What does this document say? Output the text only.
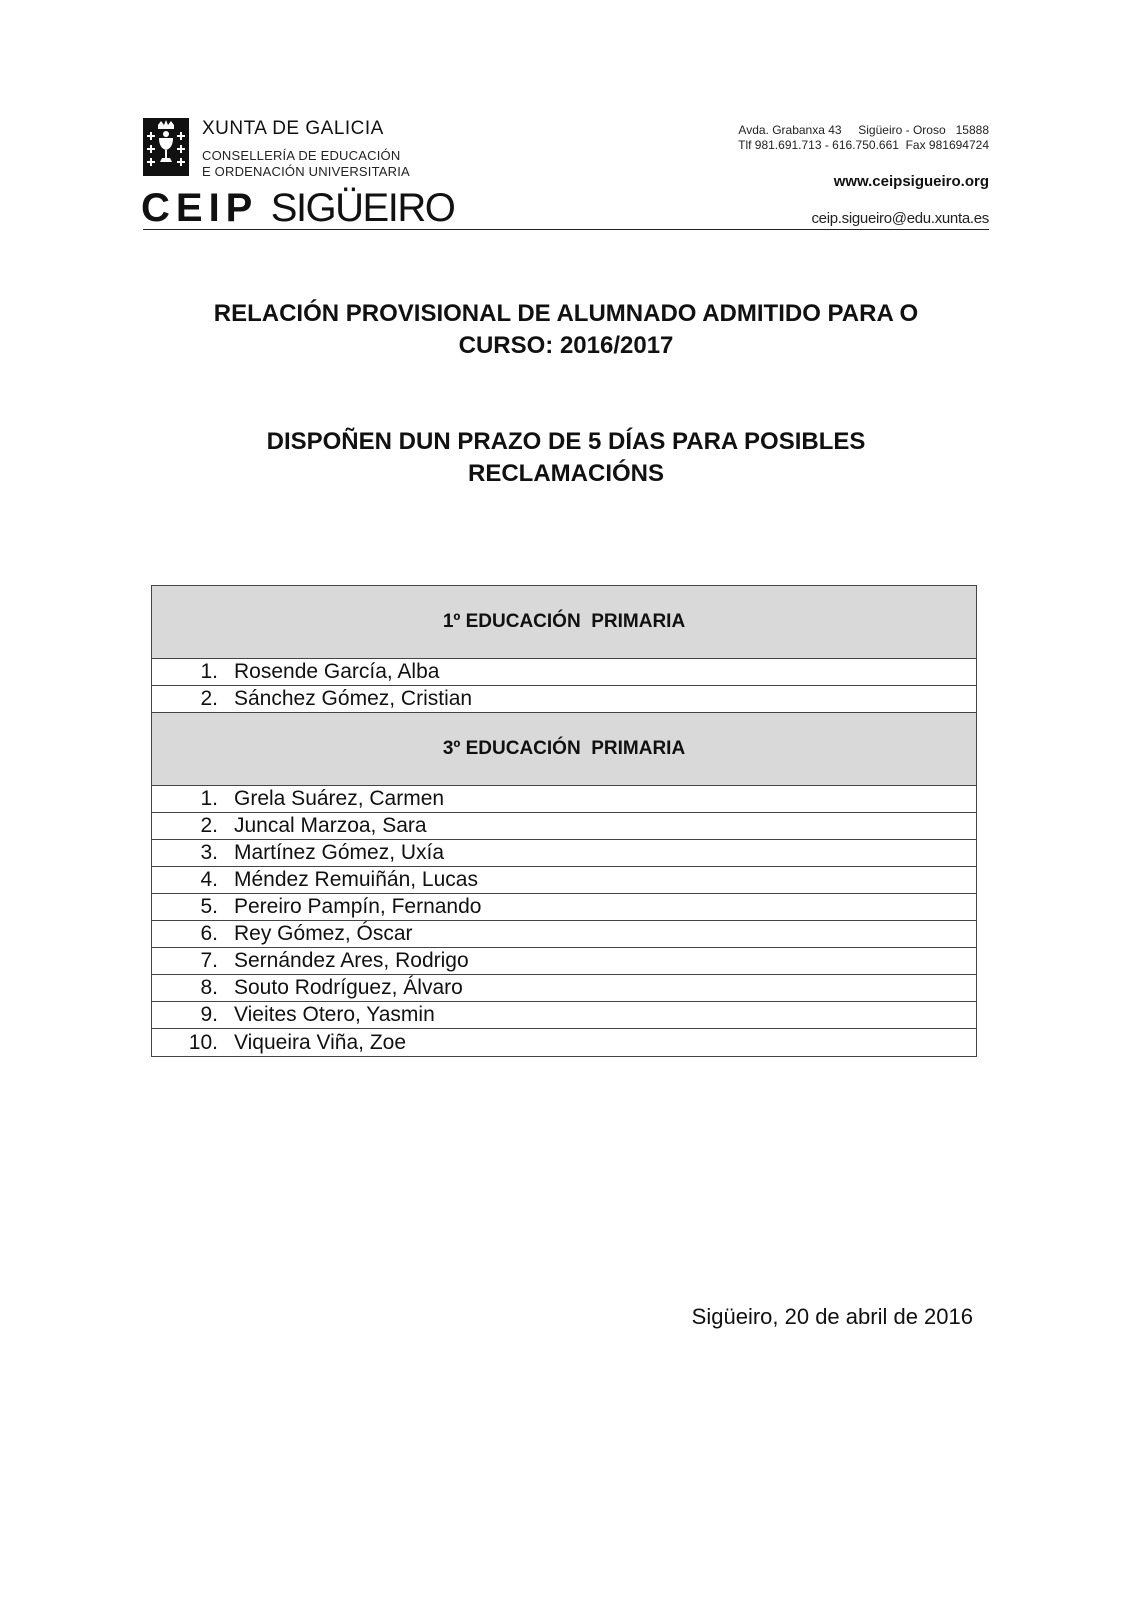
XUNTA DE GALICIA
CONSELLERÍA DE EDUCACIÓN
E ORDENACIÓN UNIVERSITARIA
CEIP SIGÜEIRO
Avda. Grabanxa 43     Sigüeiro - Oroso   15888
Tlf 981.691.713 - 616.750.661  Fax 981694724
www.ceipsigueiro.org
ceip.sigueiro@edu.xunta.es
RELACIÓN PROVISIONAL DE ALUMNADO ADMITIDO PARA O
CURSO: 2016/2017
DISPOÑEN DUN PRAZO DE 5 DÍAS PARA POSIBLES
RECLAMACIÓNS
1º EDUCACIÓN  PRIMARIA
1. Rosende García, Alba
2. Sánchez Gómez, Cristian
3º EDUCACIÓN  PRIMARIA
1. Grela Suárez, Carmen
2. Juncal Marzoa, Sara
3. Martínez Gómez, Uxía
4. Méndez Remuiñán, Lucas
5. Pereiro Pampín, Fernando
6. Rey Gómez, Óscar
7. Sernández Ares, Rodrigo
8. Souto Rodríguez, Álvaro
9. Vieites Otero, Yasmin
10. Viqueira Viña, Zoe
Sigüeiro, 20 de abril de 2016
